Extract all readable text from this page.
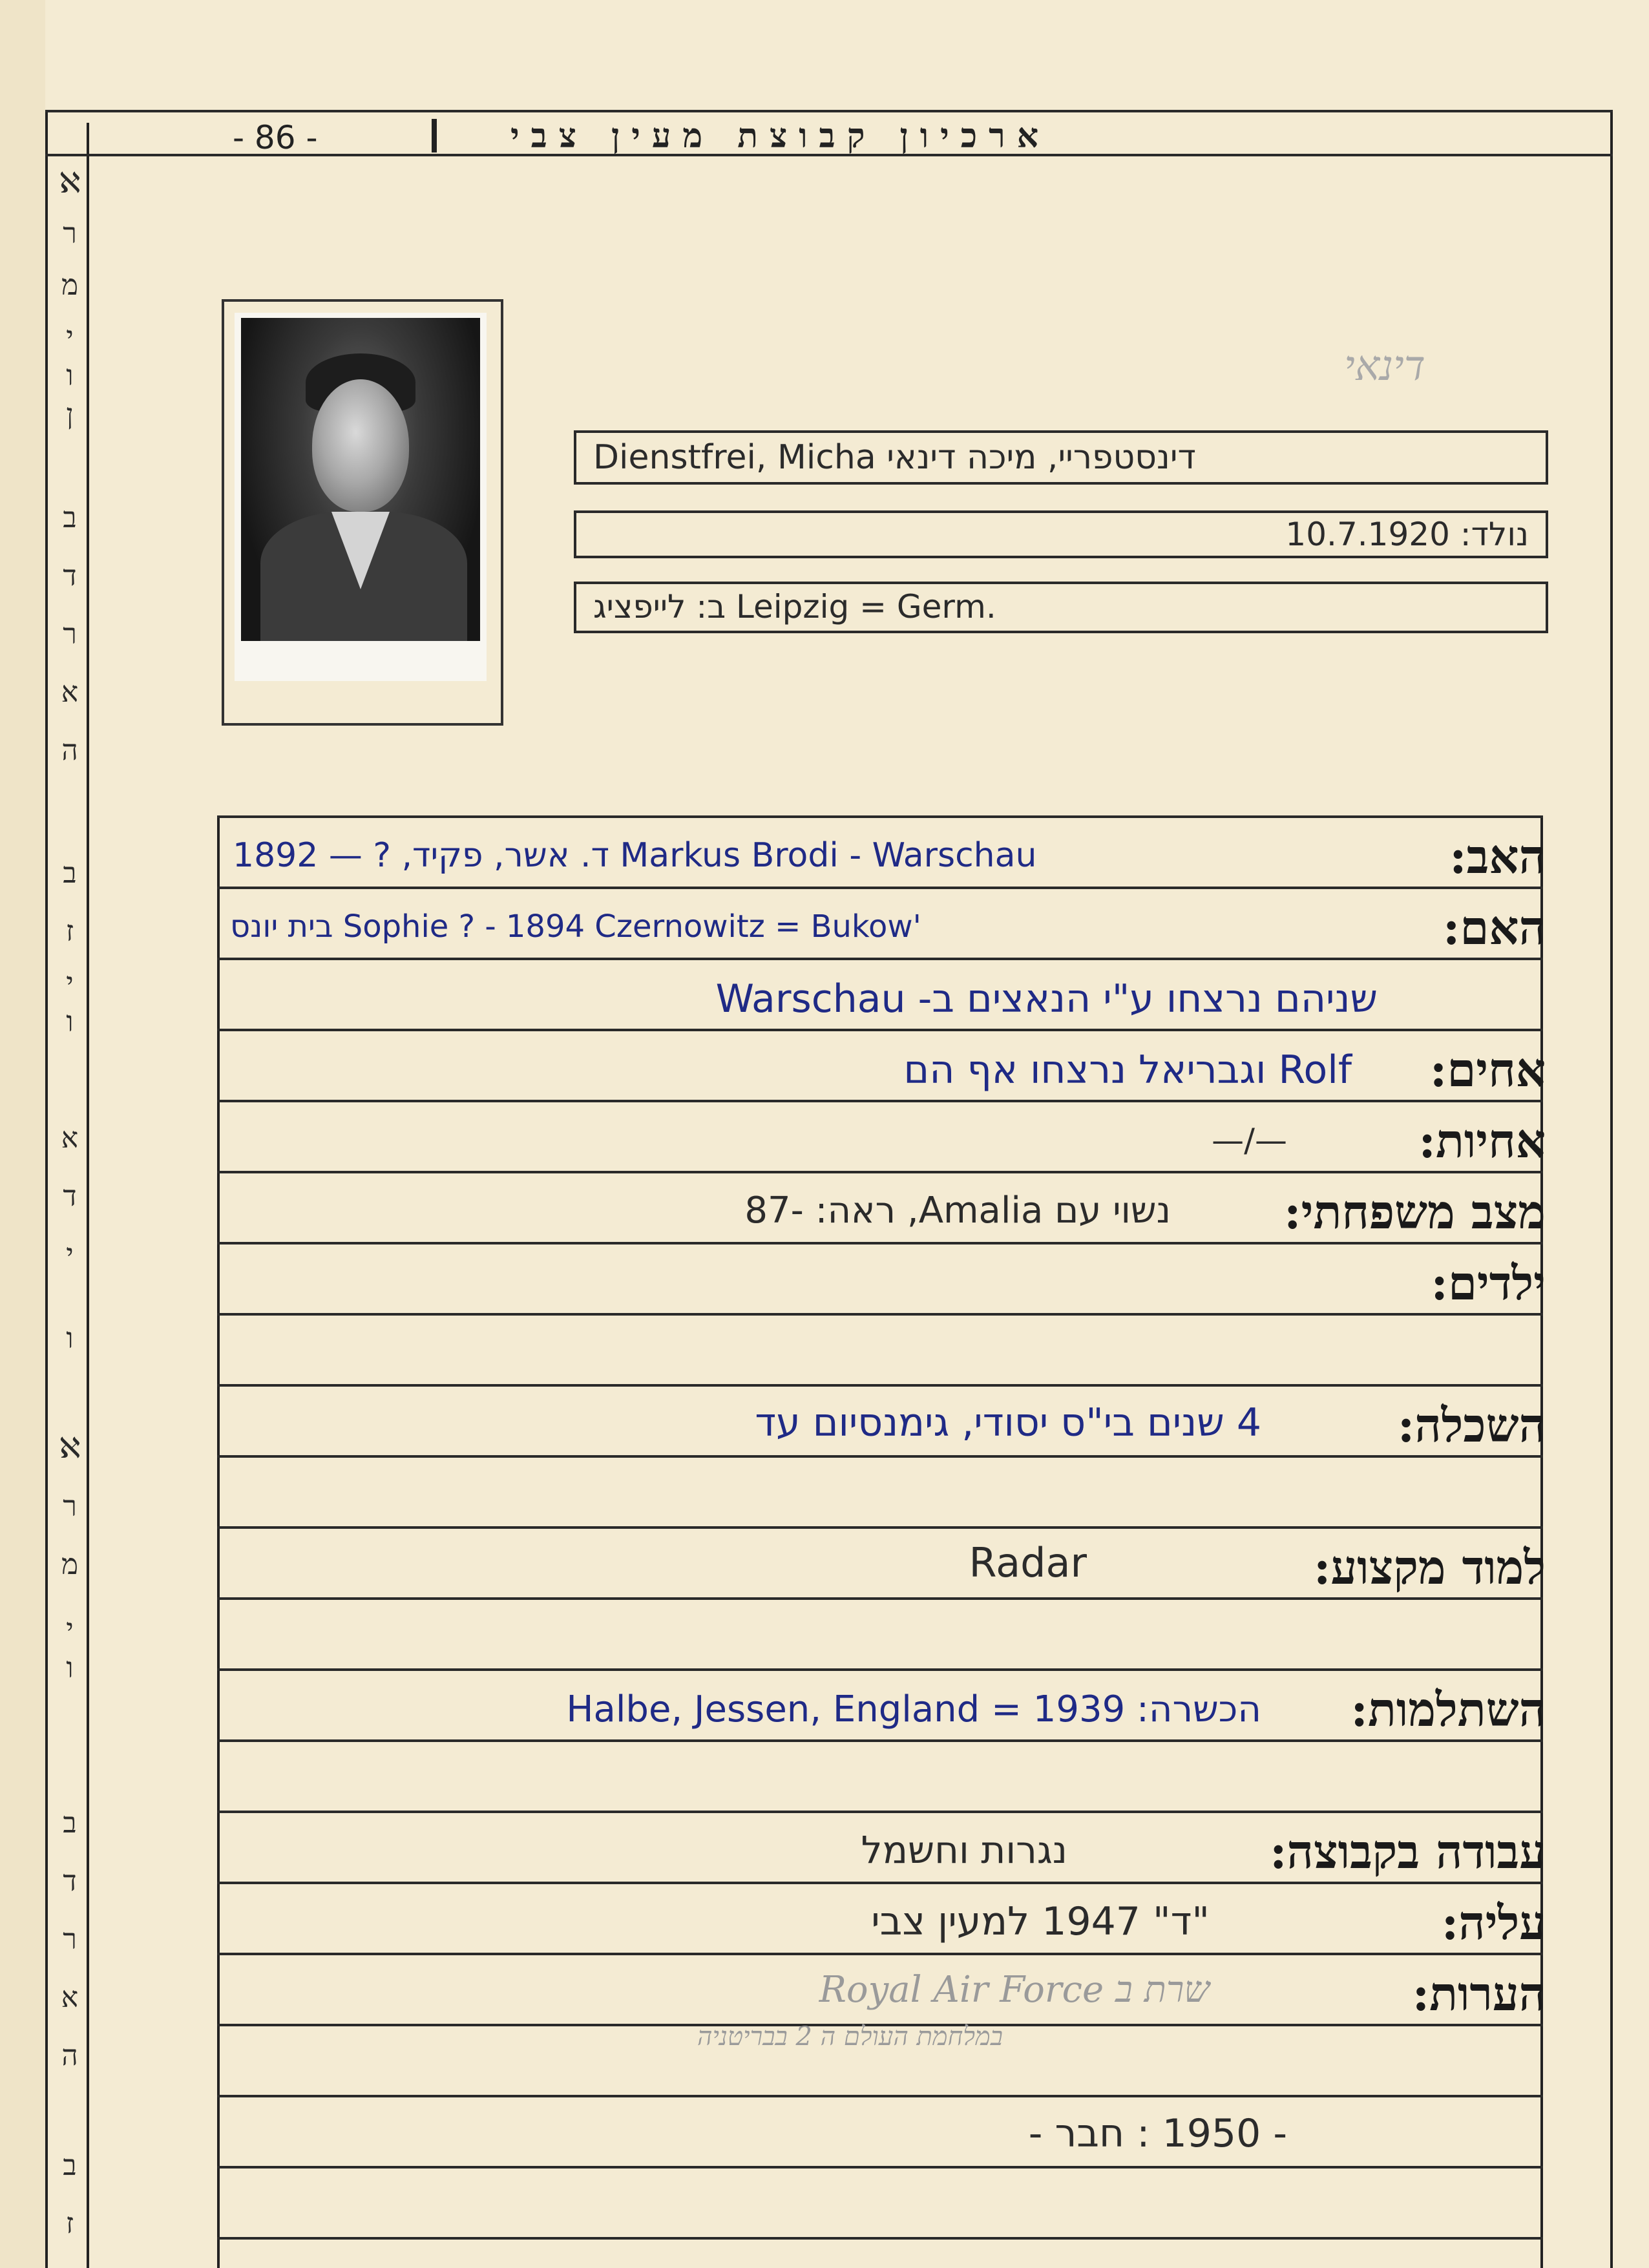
ℵ
ר
מ
י
ו
ן
ב
ד
ר
א
ה
ב
ז
י
ו
א
ד
י
ו
ℵ
ר
מ
י
ו
ב
ד
ר
א
ה
ב
ז
- 86 -	ארכיון קבוצת מעין צבי
דינאי
Dienstfrei, Micha דינסטפריי, מיכה דינאי
נולד: 10.7.1920
ב: לייפציג Leipzig = Germ.
האב:
האם:
אחים:
אחיות:
מצב משפחתי:
ילדים:
השכלה:
למוד מקצוע:
השתלמות:
עבודה בקבוצה:
עליה:
הערות:
ד. אשר, פקיד, ? — 1892 Markus Brodi - Warschau
בית יונס Sophie ? - 1894 Czernowitz = Bukow'
שניהם נרצחו ע"י הנאצים ב- Warschau
Rolf וגבריאל נרצחו אף הם
—/—
נשוי עם Amalia, ראה: -87
4 שנים בי"ס יסודי, גימנסיום עד
Radar
הכשרה: Halbe, Jessen, England = 1939
נגרות וחשמל
"ד" 1947 למעין צבי
שרת ב Royal Air Force
במלחמת העולם ה 2 בבריטניה
- 1950 : חבר -
